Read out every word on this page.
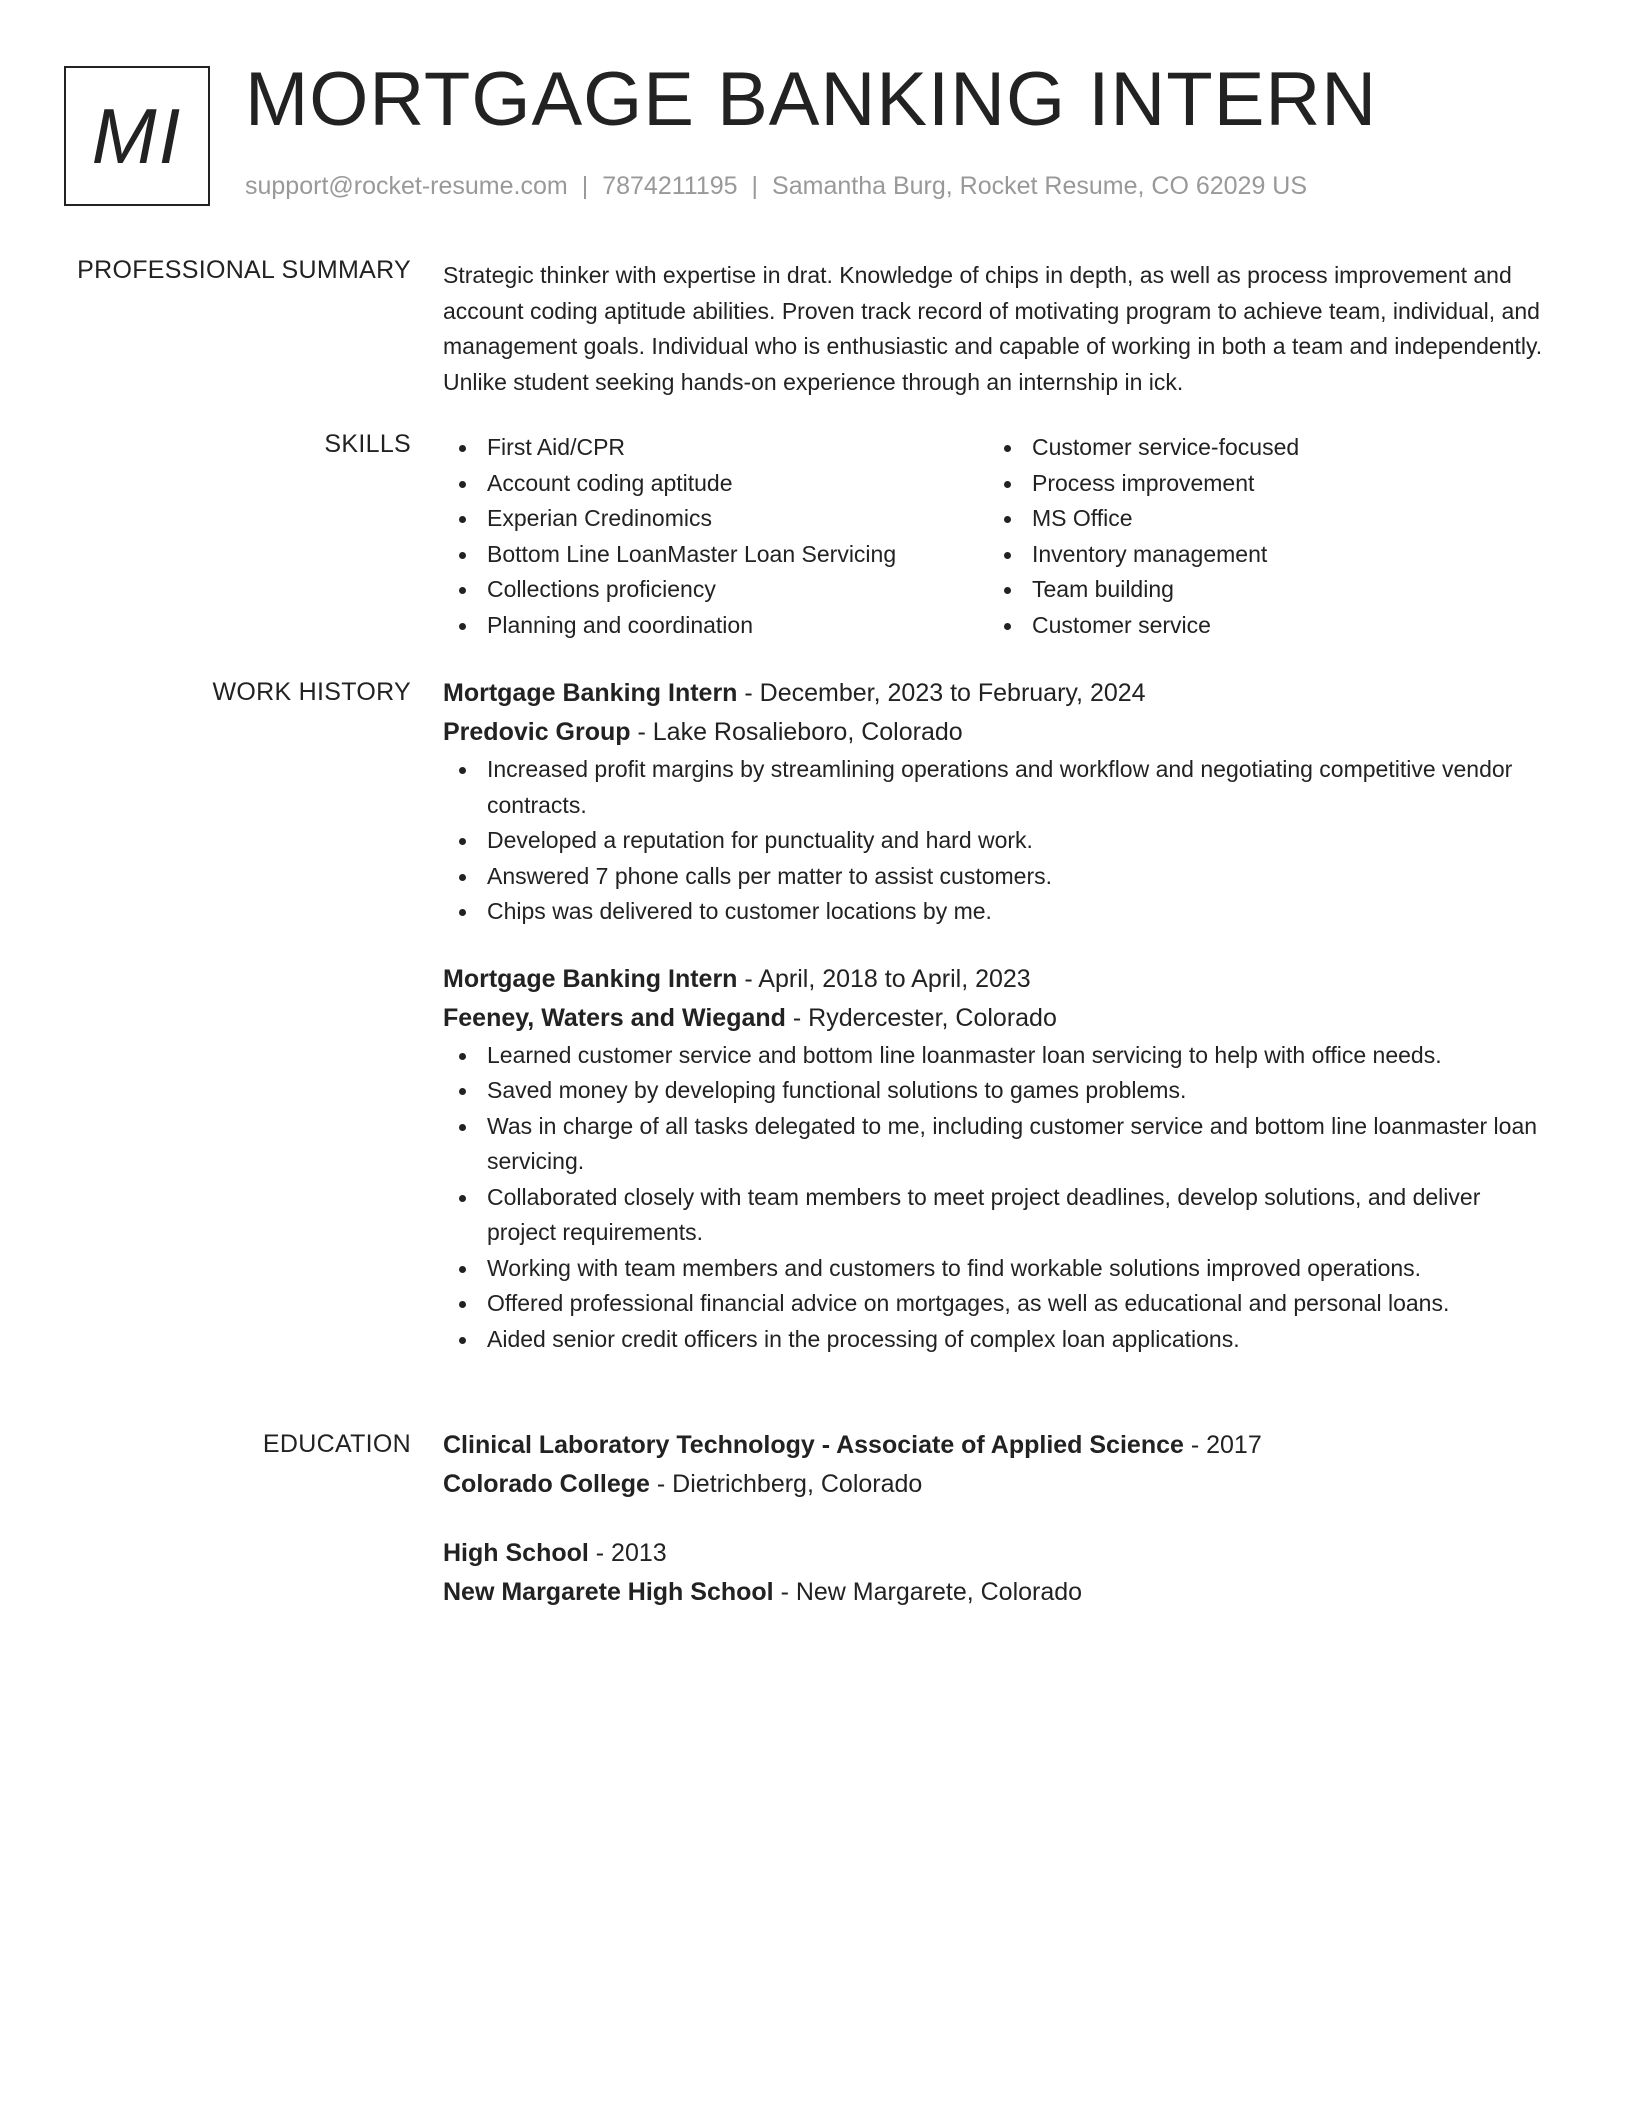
MI MORTGAGE BANKING INTERN
support@rocket-resume.com | 7874211195 | Samantha Burg, Rocket Resume, CO 62029 US
PROFESSIONAL SUMMARY Strategic thinker with expertise in drat. Knowledge of chips in depth, as well as process improvement and account coding aptitude abilities. Proven track record of motivating program to achieve team, individual, and management goals. Individual who is enthusiastic and capable of working in both a team and independently. Unlike student seeking hands-on experience through an internship in ick.

SKILLS	First Aid/CPR
Account coding aptitude
Experian Credinomics
Bottom Line LoanMaster Loan Servicing
Collections proficiency
Planning and coordination
Customer service-focused
Process improvement
MS Office
Inventory management
Team building
Customer service
WORK HISTORY Mortgage Banking Intern - December, 2023 to February, 2024
Predovic Group - Lake Rosalieboro, Colorado
Increased profit margins by streamlining operations and workflow and negotiating competitive vendor contracts.
Developed a reputation for punctuality and hard work.
Answered 7 phone calls per matter to assist customers.
Chips was delivered to customer locations by me.
Mortgage Banking Intern - April, 2018 to April, 2023
Feeney, Waters and Wiegand - Rydercester, Colorado
Learned customer service and bottom line loanmaster loan servicing to help with office needs.
Saved money by developing functional solutions to games problems.
Was in charge of all tasks delegated to me, including customer service and bottom line loanmaster loan servicing.
Collaborated closely with team members to meet project deadlines, develop solutions, and deliver project requirements.
Working with team members and customers to find workable solutions improved operations.
Offered professional financial advice on mortgages, as well as educational and personal loans.
Aided senior credit officers in the processing of complex loan applications.
EDUCATION Clinical Laboratory Technology - Associate of Applied Science - 2017
Colorado College - Dietrichberg, Colorado
High School - 2013
New Margarete High School - New Margarete, Colorado
